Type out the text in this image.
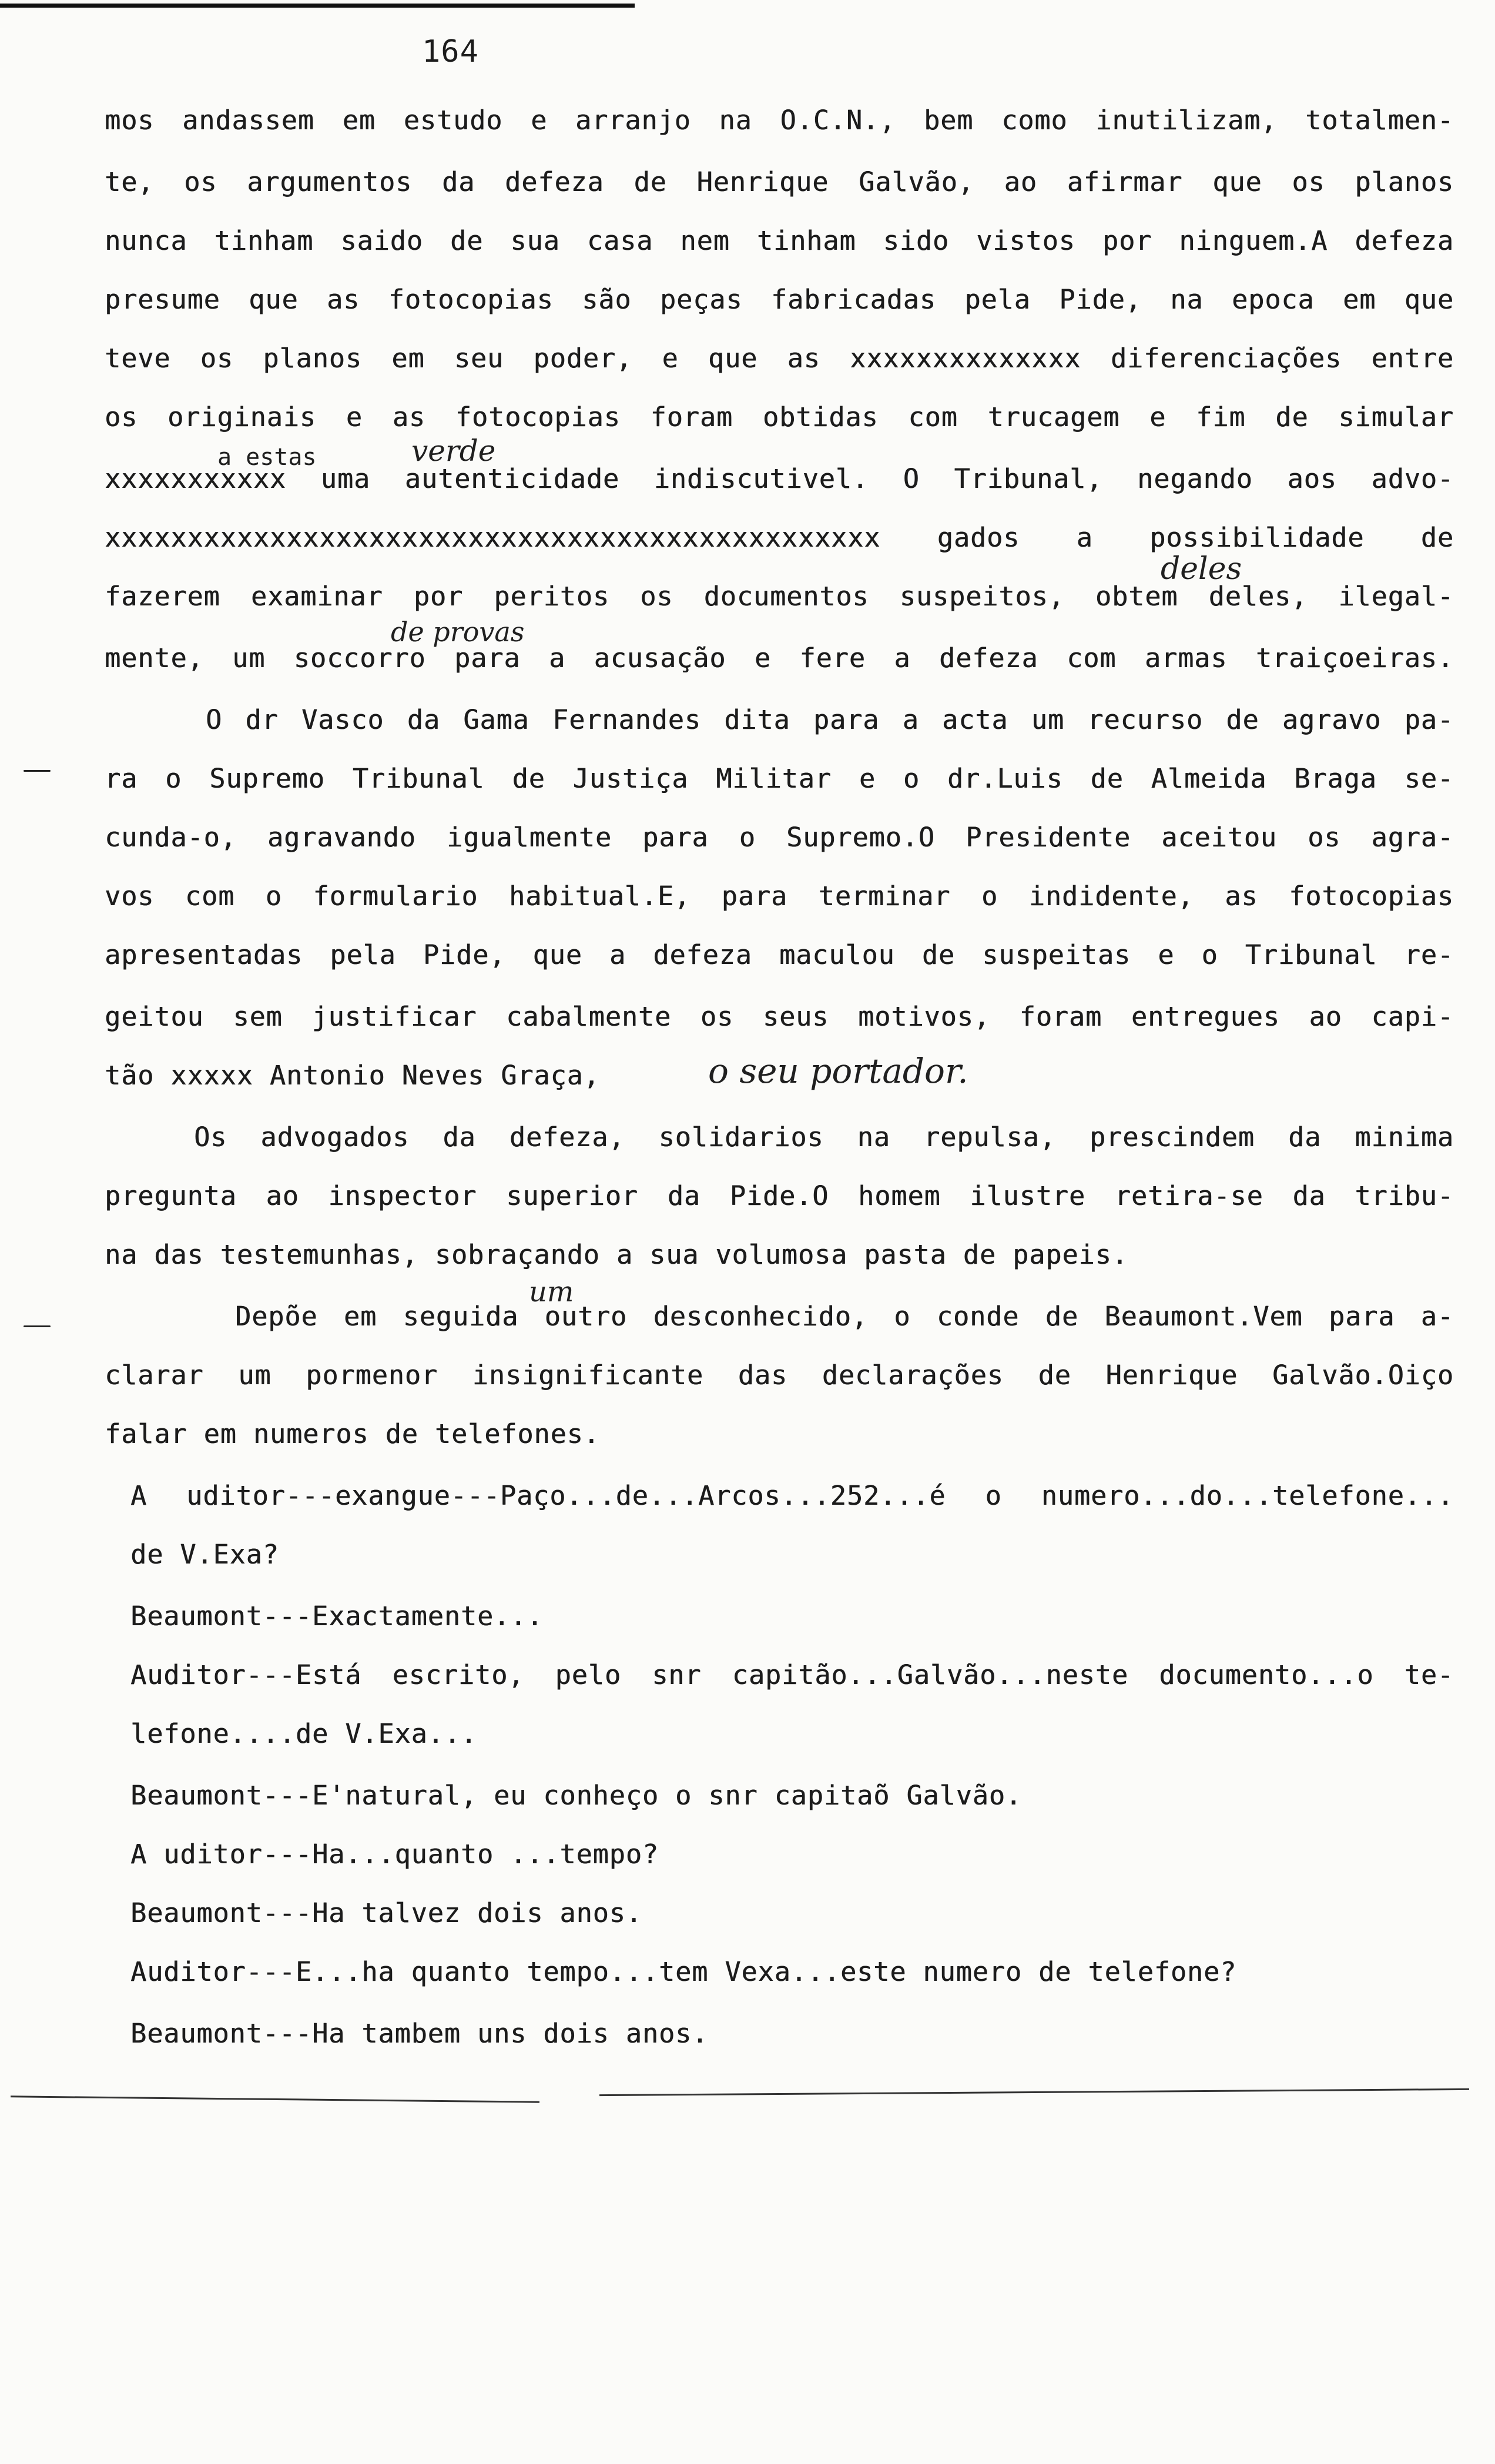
164
mos andassem em estudo e arranjo na O.C.N., bem como inutilizam, totalmen-
te, os argumentos da defeza de Henrique Galvão, ao afirmar que os planos
nunca tinham saido de sua casa nem tinham sido vistos por ninguem.A defeza
presume que as fotocopias são peças fabricadas pela Pide, na epoca em que
teve os planos em seu poder, e que as xxxxxxxxxxxxxx diferenciações entre
os originais e as fotocopias foram obtidas com trucagem e fim de simular
xxxxxxxxxxx uma autenticidade indiscutivel. O Tribunal, negando aos advo-
xxxxxxxxxxxxxxxxxxxxxxxxxxxxxxxxxxxxxxxxxxxxxxx gados a possibilidade de
fazerem examinar por peritos os documentos suspeitos, obtem deles, ilegal-
mente, um soccorro para a acusação e fere a defeza com armas traiçoeiras.
O dr Vasco da Gama Fernandes dita para a acta um recurso de agravo pa-
ra o Supremo Tribunal de Justiça Militar e o dr.Luis de Almeida Braga se-
cunda-o, agravando igualmente para o Supremo.O Presidente aceitou os agra-
vos com o formulario habitual.E, para terminar o indidente, as fotocopias
apresentadas pela Pide, que a defeza maculou de suspeitas e o Tribunal re-
geitou sem justificar cabalmente os seus motivos, foram entregues ao capi-
tão xxxxx Antonio Neves Graça,
Os advogados da defeza, solidarios na repulsa, prescindem da minima
pregunta ao inspector superior da Pide.O homem ilustre retira-se da tribu-
na das testemunhas, sobraçando a sua volumosa pasta de papeis.
Depõe em seguida outro desconhecido, o conde de Beaumont.Vem para a-
clarar um pormenor insignificante das declarações de Henrique Galvão.Oiço
falar em numeros de telefones.
A uditor---exangue---Paço...de...Arcos...252...é o numero...do...telefone...
de V.Exa?
Beaumont---Exactamente...
Auditor---Está escrito, pelo snr capitão...Galvão...neste documento...o te-
lefone....de V.Exa...
Beaumont---E'natural, eu conheço o snr capitaõ Galvão.
A uditor---Ha...quanto ...tempo?
Beaumont---Ha talvez dois anos.
Auditor---E...ha quanto tempo...tem Vexa...este numero de telefone?
Beaumont---Ha tambem uns dois anos.
a estas	verde
deles
de provas
o seu portador.
um
